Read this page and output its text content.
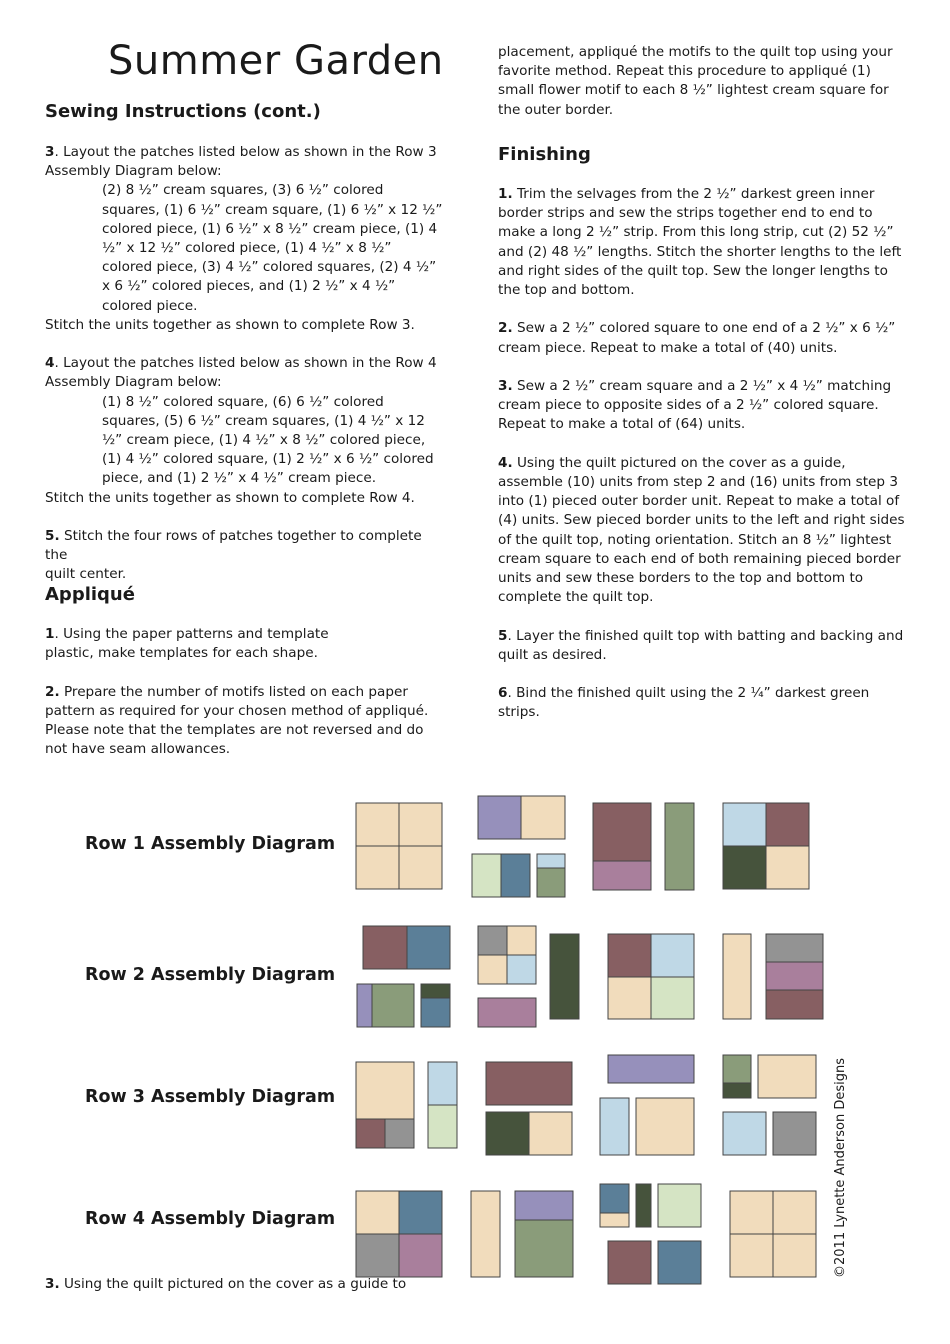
Summer Garden
Sewing Instructions (cont.)
3. Layout the patches listed below as shown in the Row 3 Assembly Diagram below:
(2) 8 ½” cream squares, (3) 6 ½” colored squares, (1) 6 ½” cream square, (1) 6 ½” x 12 ½” colored piece, (1) 6 ½” x 8 ½” cream piece, (1) 4 ½” x 12 ½” colored piece, (1) 4 ½” x 8 ½” colored piece, (3) 4 ½” colored squares, (2) 4 ½” x 6 ½” colored pieces, and (1) 2 ½” x 4 ½” colored piece.

Stitch the units together as shown to complete Row 3.

4. Layout the patches listed below as shown in the Row 4 Assembly Diagram below:
(1) 8 ½” colored square, (6) 6 ½” colored squares, (5) 6 ½” cream squares, (1) 4 ½” x 12 ½” cream piece, (1) 4 ½” x 8 ½” colored piece, (1) 4 ½” colored square, (1) 2 ½” x 6 ½” colored piece, and (1) 2 ½” x 4 ½” cream piece.

Stitch the units together as shown to complete Row 4.

5. Stitch the four rows of patches together to complete the
quilt center.
Appliqué
1. Using the paper patterns and template

plastic, make templates for each shape.

2. Prepare the number of motifs listed on each paper pattern as required for your chosen method of appliqué. Please note that the templates are not reversed and do not have seam allowances.

placement, appliqué the motifs to the quilt top using your favorite method. Repeat this procedure to appliqué (1) small flower motif to each 8 ½” lightest cream square for the outer border.

Finishing

1. Trim the selvages from the 2 ½” darkest green inner border strips and sew the strips together end to end to make a long 2 ½” strip. From this long strip, cut (2) 52 ½” and (2) 48 ½” lengths. Stitch the shorter lengths to the left and right sides of the quilt top. Sew the longer lengths to the top and bottom.

2. Sew a 2 ½” colored square to one end of a 2 ½” x 6 ½” cream piece. Repeat to make a total of (40) units.

3. Sew a 2 ½” cream square and a 2 ½” x 4 ½” matching cream piece to opposite sides of a 2 ½” colored square. Repeat to make a total of (64) units.

4. Using the quilt pictured on the cover as a guide, assemble (10) units from step 2 and (16) units from step 3 into (1) pieced outer border unit. Repeat to make a total of (4) units. Sew pieced border units to the left and right sides of the quilt top, noting orientation. Stitch an 8 ½” lightest cream square to each end of both remaining pieced border units and sew these borders to the top and bottom to complete the quilt top.

5. Layer the finished quilt top with batting and backing and quilt as desired.

6. Bind the finished quilt using the 2 ¼” darkest green strips.

Row 1 Assembly Diagram
Row 2 Assembly Diagram
Row 3 Assembly Diagram
Row 4 Assembly Diagram
3. Using the quilt pictured on the cover as a guide to
©2011 Lynette Anderson Designs
